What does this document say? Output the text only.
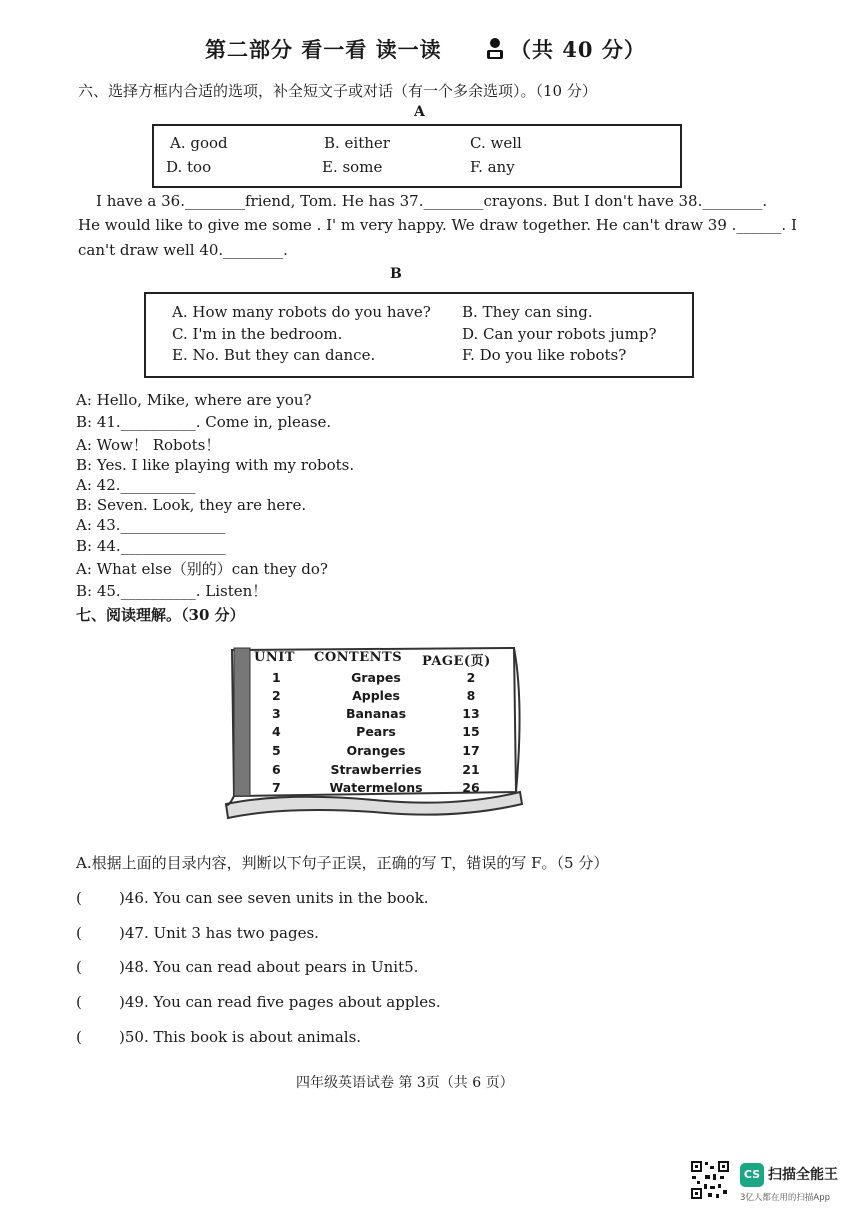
第二部分 看一看 读一读	（共 40 分）
六、选择方框内合适的选项，补全短文子或对话（有一个多余选项）。（10 分）
A
A. good	B. either	C. well
D. too	E. some	F. any
I have a 36.________friend, Tom. He has 37.________crayons. But I don't have 38.________.
He would like to give me some . I' m very happy. We draw together. He can't draw 39 .______. I
can't draw well 40.________.
B
A. How many robots do you have? B. They can sing.
C. I'm in the bedroom.	D. Can your robots jump?
E. No. But they can dance.	F. Do you like robots?
A: Hello, Mike, where are you?
B: 41.__________. Come in, please.
A: Wow！ Robots！
B: Yes. I like playing with my robots.
A: 42.__________
B: Seven. Look, they are here.
A: 43.______________
B: 44.______________
A: What else（别的）can they do?
B: 45.__________. Listen！
七、阅读理解。（30 分）
UNIT CONTENTS PAGE(页)
1	Grapes	2
2	Apples	8
3	Bananas	13
4	Pears	15
5	Oranges	17
6	Strawberries	21
7	Watermelons	26
A.根据上面的目录内容，判断以下句子正误，正确的写 T，错误的写 F。（5 分）
( )46. You can see seven units in the book.
( )47. Unit 3 has two pages.
( )48. You can read about pears in Unit5.
( )49. You can read five pages about apples.
( )50. This book is about animals.
四年级英语试卷 第 3页（共 6 页）
CS 扫描全能王
3亿人都在用的扫描App
